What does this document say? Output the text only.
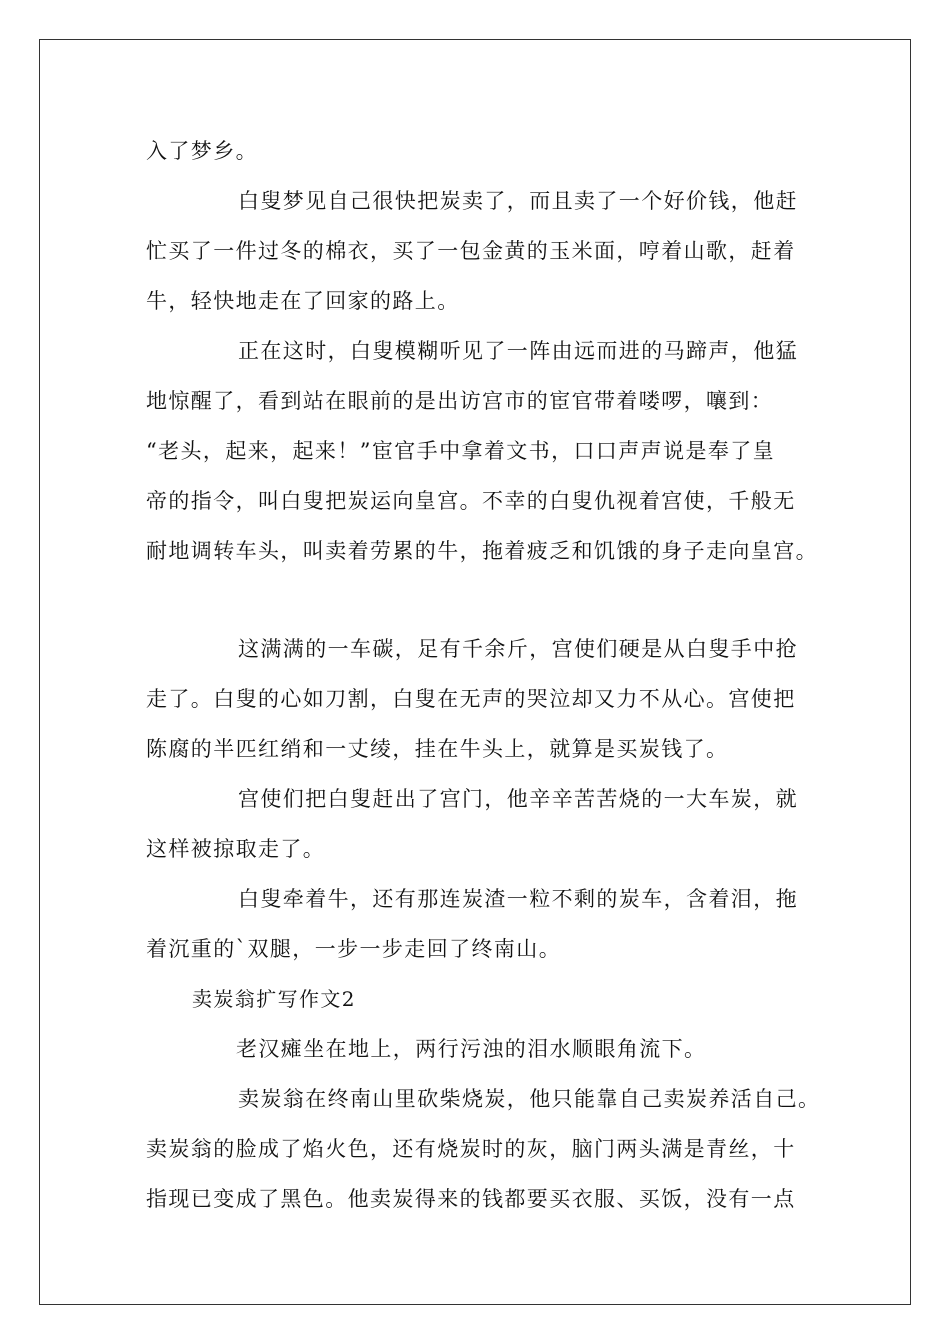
入了梦乡。
白叟梦见自己很快把炭卖了，而且卖了一个好价钱，他赶
忙买了一件过冬的棉衣，买了一包金黄的玉米面，哼着山歌，赶着
牛，轻快地走在了回家的路上。
正在这时，白叟模糊听见了一阵由远而进的马蹄声，他猛
地惊醒了，看到站在眼前的是出访宫市的宦官带着喽啰，嚷到：
“老头，起来，起来！”宦官手中拿着文书，口口声声说是奉了皇
帝的指令，叫白叟把炭运向皇宫。不幸的白叟仇视着宫使，千般无
耐地调转车头，叫卖着劳累的牛，拖着疲乏和饥饿的身子走向皇宫。
这满满的一车碳，足有千余斤，宫使们硬是从白叟手中抢
走了。白叟的心如刀割，白叟在无声的哭泣却又力不从心。宫使把
陈腐的半匹红绡和一丈绫，挂在牛头上，就算是买炭钱了。
宫使们把白叟赶出了宫门，他辛辛苦苦烧的一大车炭，就
这样被掠取走了。
白叟牵着牛，还有那连炭渣一粒不剩的炭车，含着泪，拖
着沉重的`双腿，一步一步走回了终南山。
卖炭翁扩写作文2
老汉瘫坐在地上，两行污浊的泪水顺眼角流下。
卖炭翁在终南山里砍柴烧炭，他只能靠自己卖炭养活自己。
卖炭翁的脸成了焰火色，还有烧炭时的灰，脑门两头满是青丝，十
指现已变成了黑色。他卖炭得来的钱都要买衣服、买饭，没有一点
